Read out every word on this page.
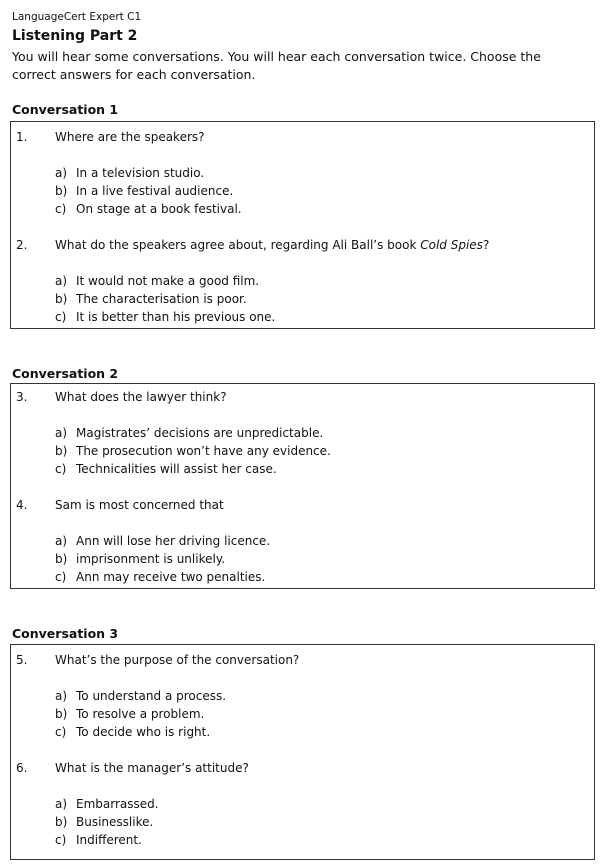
LanguageCert Expert C1
Listening Part 2
You will hear some conversations. You will hear each conversation twice. Choose the correct answers for each conversation.
Conversation 1
1. Where are the speakers?
a) In a television studio.
b) In a live festival audience.
c) On stage at a book festival.
2. What do the speakers agree about, regarding Ali Ball’s book Cold Spies?
a) It would not make a good film.
b) The characterisation is poor.
c) It is better than his previous one.
Conversation 2
3. What does the lawyer think?
a) Magistrates’ decisions are unpredictable.
b) The prosecution won’t have any evidence.
c) Technicalities will assist her case.
4. Sam is most concerned that
a) Ann will lose her driving licence.
b) imprisonment is unlikely.
c) Ann may receive two penalties.
Conversation 3
5. What’s the purpose of the conversation?
a) To understand a process.
b) To resolve a problem.
c) To decide who is right.
6. What is the manager’s attitude?
a) Embarrassed.
b) Businesslike.
c) Indifferent.
